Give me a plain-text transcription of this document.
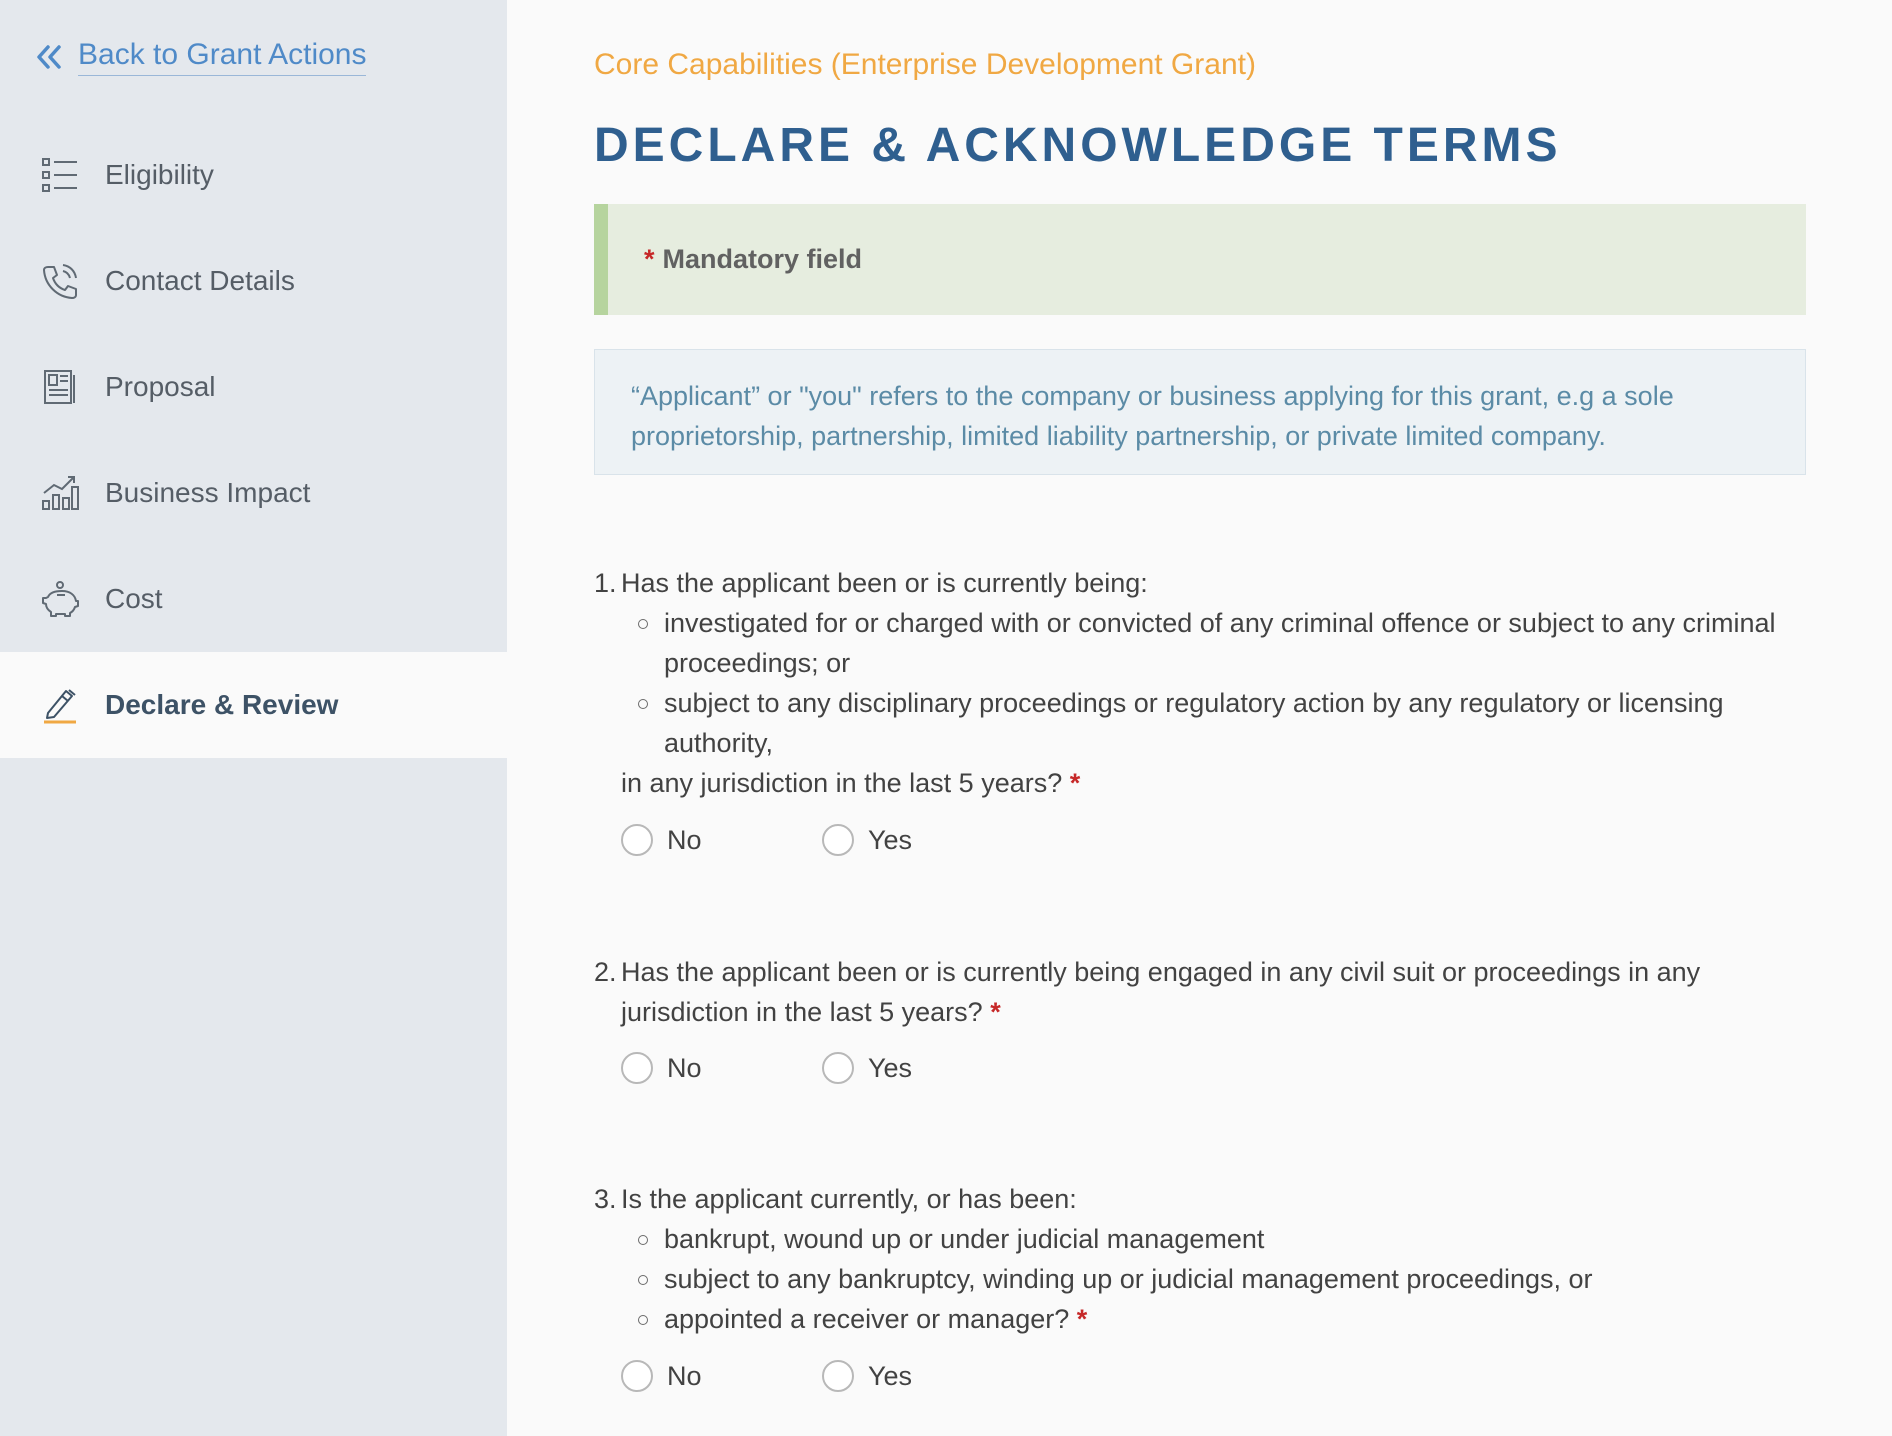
Back to Grant Actions
Eligibility
Contact Details
Proposal
Business Impact
Cost
Declare & Review
Core Capabilities (Enterprise Development Grant)
DECLARE & ACKNOWLEDGE TERMS
* Mandatory field
“Applicant” or "you" refers to the company or business applying for this grant, e.g a sole proprietorship, partnership, limited liability partnership, or private limited company.
1. Has the applicant been or is currently being:
investigated for or charged with or convicted of any criminal offence or subject to any criminal proceedings; or
subject to any disciplinary proceedings or regulatory action by any regulatory or licensing authority,
in any jurisdiction in the last 5 years? *
No	Yes
2. Has the applicant been or is currently being engaged in any civil suit or proceedings in any jurisdiction in the last 5 years? *
No	Yes
3. Is the applicant currently, or has been:
bankrupt, wound up or under judicial management
subject to any bankruptcy, winding up or judicial management proceedings, or
appointed a receiver or manager? *
No	Yes
